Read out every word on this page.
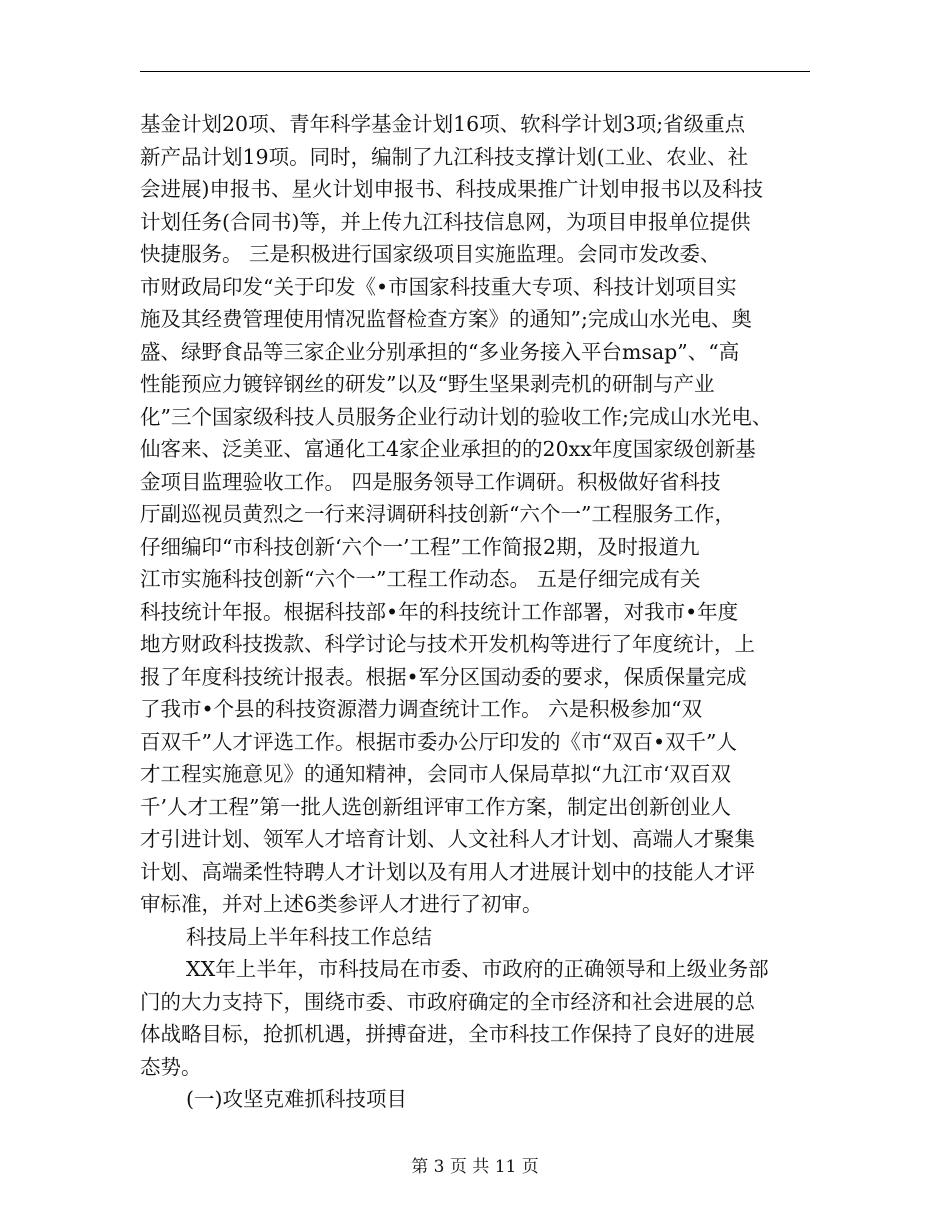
基金计划20项、青年科学基金计划16项、软科学计划3项;省级重点
新产品计划19项。同时，编制了九江科技支撑计划(工业、农业、社
会进展)申报书、星火计划申报书、科技成果推广计划申报书以及科技
计划任务(合同书)等，并上传九江科技信息网，为项目申报单位提供
快捷服务。 三是积极进行国家级项目实施监理。会同市发改委、
市财政局印发“关于印发《•市国家科技重大专项、科技计划项目实
施及其经费管理使用情况监督检查方案》的通知”;完成山水光电、奥
盛、绿野食品等三家企业分别承担的“多业务接入平台msap”、“高
性能预应力镀锌钢丝的研发”以及“野生坚果剥壳机的研制与产业
化”三个国家级科技人员服务企业行动计划的验收工作;完成山水光电、
仙客来、泛美亚、富通化工4家企业承担的的20xx年度国家级创新基
金项目监理验收工作。 四是服务领导工作调研。积极做好省科技
厅副巡视员黄烈之一行来浔调研科技创新“六个一”工程服务工作，
仔细编印“市科技创新‘六个一’工程”工作简报2期，及时报道九
江市实施科技创新“六个一”工程工作动态。 五是仔细完成有关
科技统计年报。根据科技部•年的科技统计工作部署，对我市•年度
地方财政科技拨款、科学讨论与技术开发机构等进行了年度统计，上
报了年度科技统计报表。根据•军分区国动委的要求，保质保量完成
了我市•个县的科技资源潜力调查统计工作。 六是积极参加“双
百双千”人才评选工作。根据市委办公厅印发的《市“双百•双千”人
才工程实施意见》的通知精神，会同市人保局草拟“九江市‘双百双
千’人才工程”第一批人选创新组评审工作方案，制定出创新创业人
才引进计划、领军人才培育计划、人文社科人才计划、高端人才聚集
计划、高端柔性特聘人才计划以及有用人才进展计划中的技能人才评
审标准，并对上述6类参评人才进行了初审。
科技局上半年科技工作总结
XX年上半年，市科技局在市委、市政府的正确领导和上级业务部
门的大力支持下，围绕市委、市政府确定的全市经济和社会进展的总
体战略目标，抢抓机遇，拼搏奋进，全市科技工作保持了良好的进展
态势。
(一)攻坚克难抓科技项目
第 3 页 共 11 页
